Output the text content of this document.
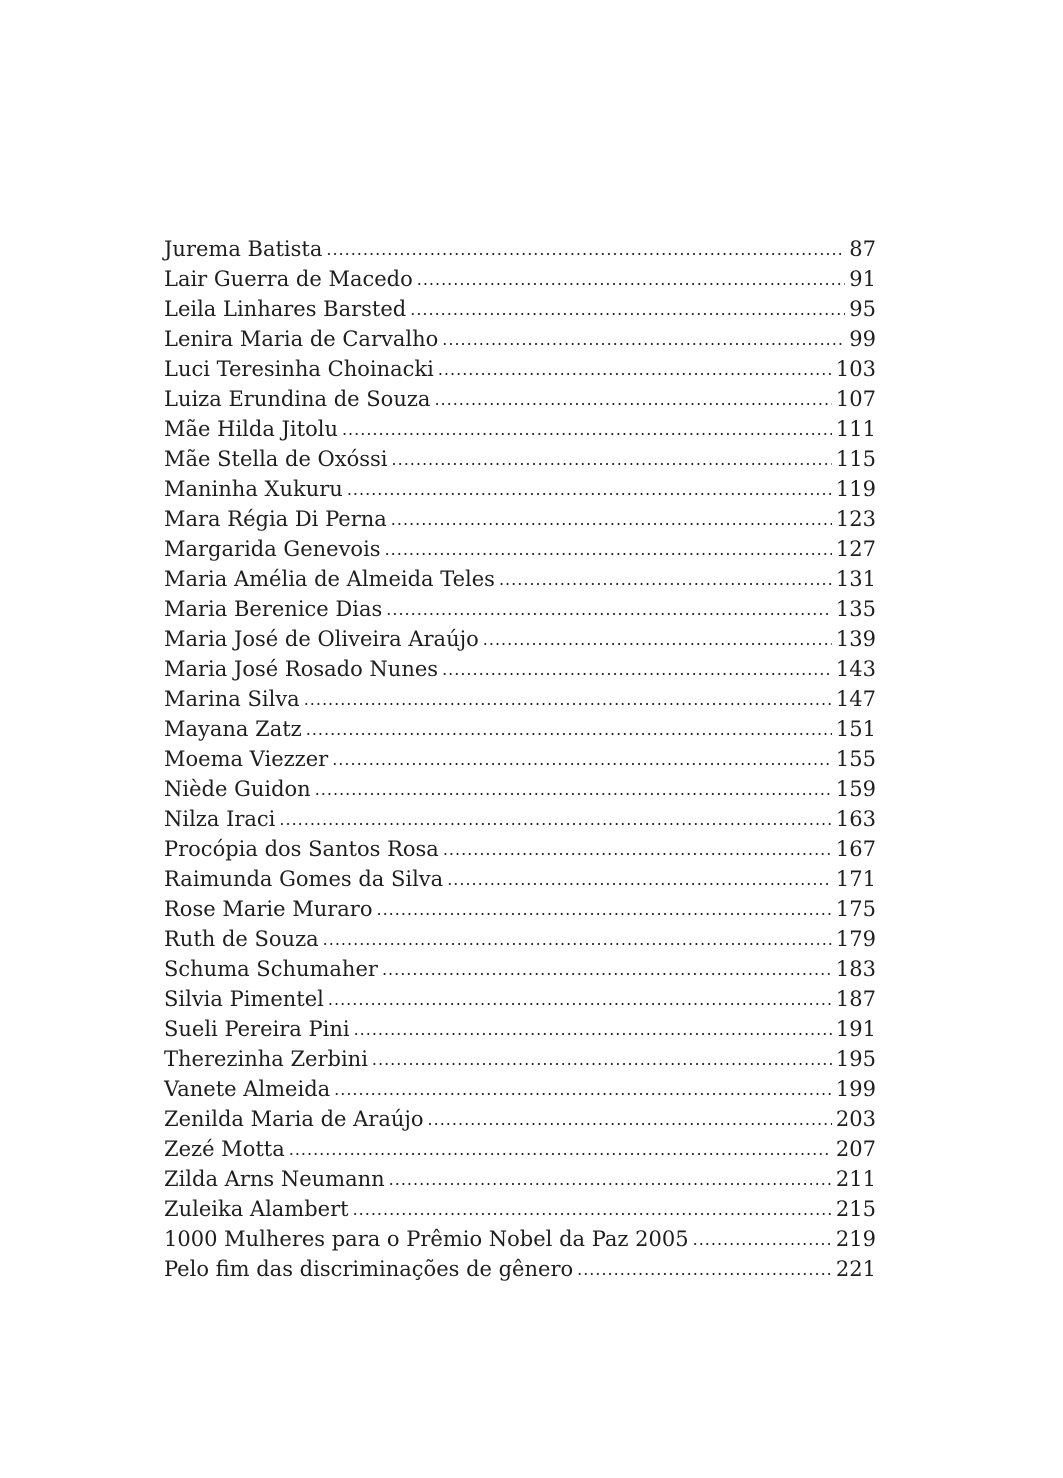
Jurema Batista .....	87
Lair Guerra de Macedo .....	91
Leila Linhares Barsted .....	95
Lenira Maria de Carvalho .....	99
Luci Teresinha Choinacki .....	103
Luiza Erundina de Souza .....	107
Mãe Hilda Jitolu .....	111
Mãe Stella de Oxóssi .....	115
Maninha Xukuru .....	119
Mara Régia Di Perna .....	123
Margarida Genevois .....	127
Maria Amélia de Almeida Teles .....	131
Maria Berenice Dias .....	135
Maria José de Oliveira Araújo .....	139
Maria José Rosado Nunes .....	143
Marina Silva .....	147
Mayana Zatz .....	151
Moema Viezzer .....	155
Niède Guidon .....	159
Nilza Iraci .....	163
Procópia dos Santos Rosa .....	167
Raimunda Gomes da Silva .....	171
Rose Marie Muraro .....	175
Ruth de Souza .....	179
Schuma Schumaher .....	183
Silvia Pimentel .....	187
Sueli Pereira Pini .....	191
Therezinha Zerbini .....	195
Vanete Almeida .....	199
Zenilda Maria de Araújo .....	203
Zezé Motta .....	207
Zilda Arns Neumann .....	211
Zuleika Alambert .....	215
1000 Mulheres para o Prêmio Nobel da Paz 2005 .....	219
Pelo fim das discriminações de gênero .....	221
